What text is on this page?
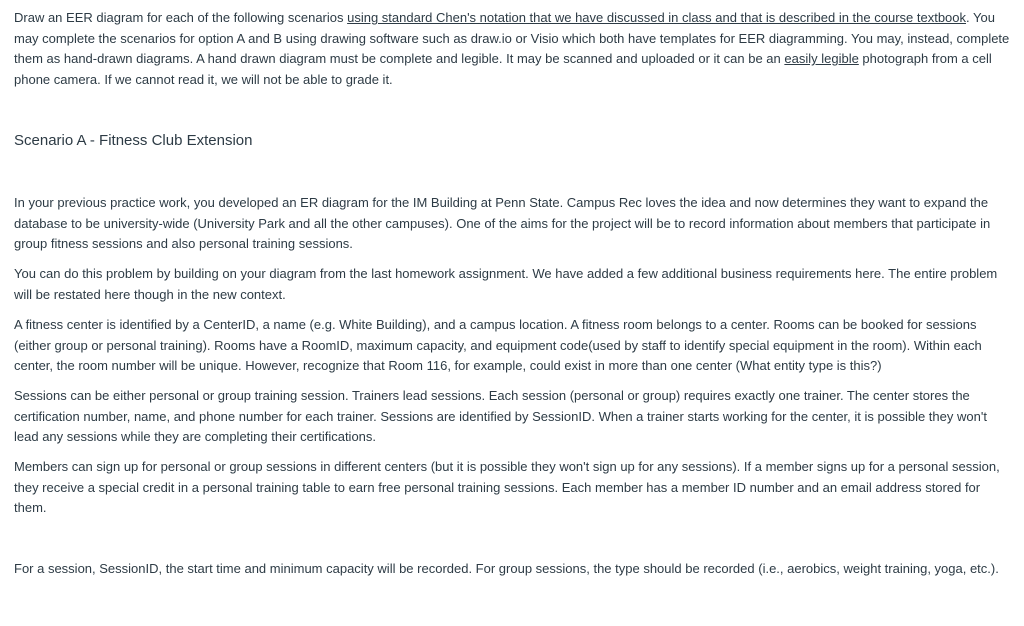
Draw an EER diagram for each of the following scenarios using standard Chen's notation that we have discussed in class and that is described in the course textbook. You may complete the scenarios for option A and B using drawing software such as draw.io or Visio which both have templates for EER diagramming. You may, instead, complete them as hand-drawn diagrams. A hand drawn diagram must be complete and legible. It may be scanned and uploaded or it can be an easily legible photograph from a cell phone camera. If we cannot read it, we will not be able to grade it.

Scenario A - Fitness Club Extension

In your previous practice work, you developed an ER diagram for the IM Building at Penn State. Campus Rec loves the idea and now determines they want to expand the database to be university-wide (University Park and all the other campuses). One of the aims for the project will be to record information about members that participate in group fitness sessions and also personal training sessions.

You can do this problem by building on your diagram from the last homework assignment. We have added a few additional business requirements here. The entire problem will be restated here though in the new context.

A fitness center is identified by a CenterID, a name (e.g. White Building), and a campus location. A fitness room belongs to a center. Rooms can be booked for sessions (either group or personal training). Rooms have a RoomID, maximum capacity, and equipment code(used by staff to identify special equipment in the room). Within each center, the room number will be unique. However, recognize that Room 116, for example, could exist in more than one center (What entity type is this?)

Sessions can be either personal or group training session. Trainers lead sessions. Each session (personal or group) requires exactly one trainer. The center stores the certification number, name, and phone number for each trainer. Sessions are identified by SessionID. When a trainer starts working for the center, it is possible they won't lead any sessions while they are completing their certifications.

Members can sign up for personal or group sessions in different centers (but it is possible they won't sign up for any sessions). If a member signs up for a personal session, they receive a special credit in a personal training table to earn free personal training sessions. Each member has a member ID number and an email address stored for them.

For a session, SessionID, the start time and minimum capacity will be recorded. For group sessions, the type should be recorded (i.e., aerobics, weight training, yoga, etc.).
